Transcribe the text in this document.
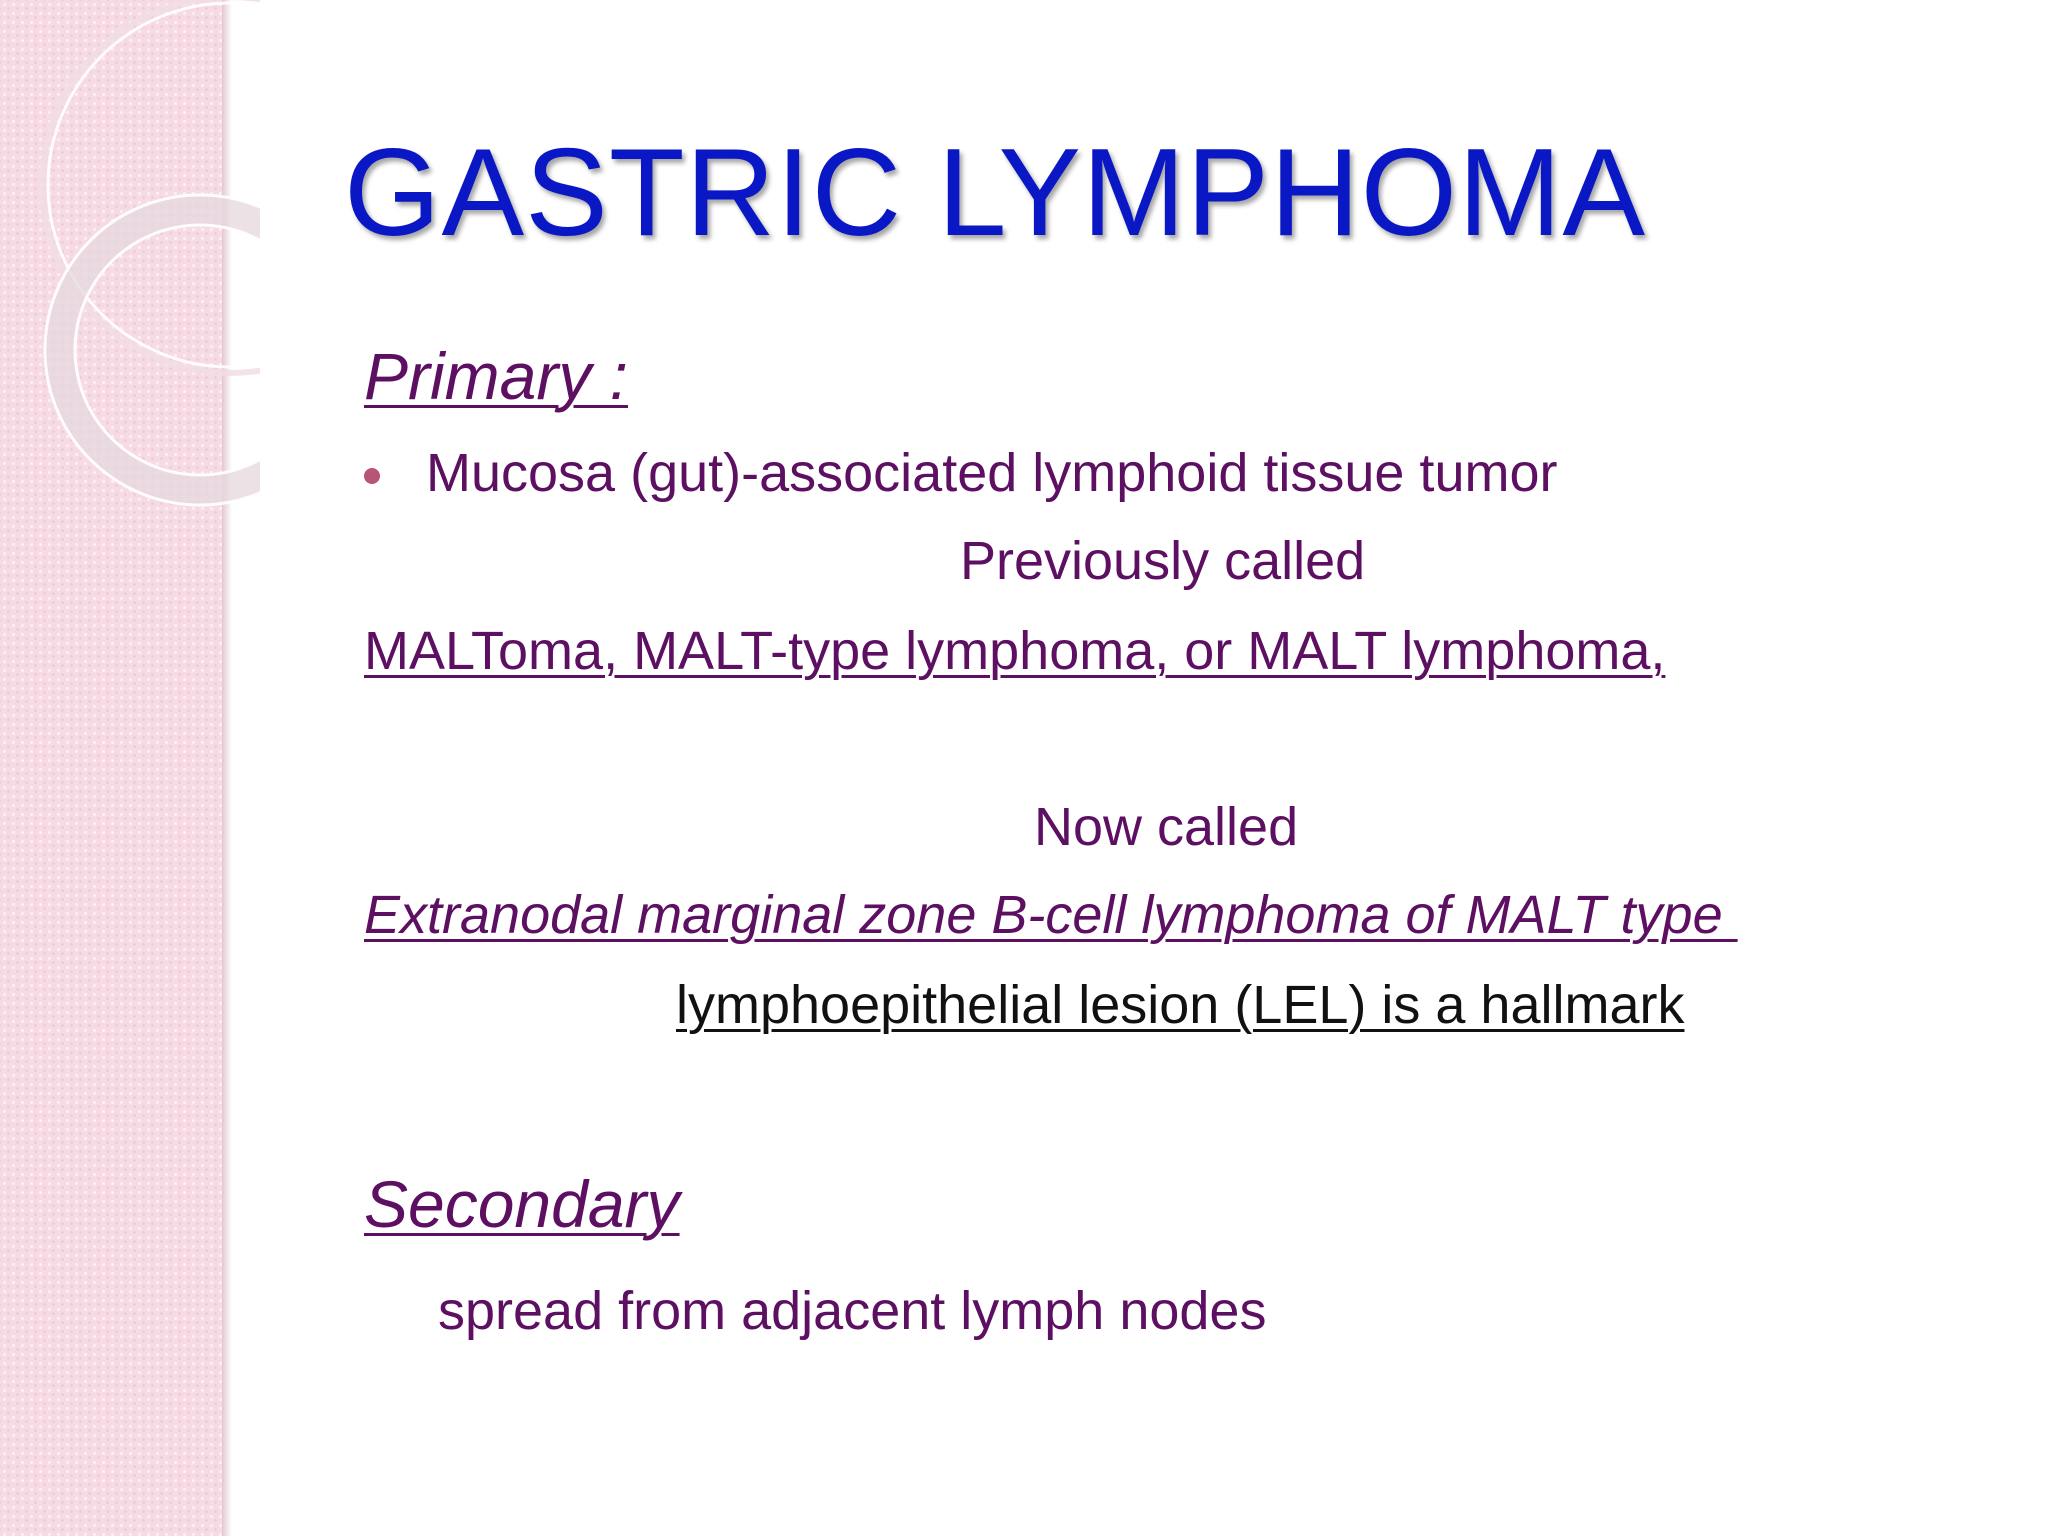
GASTRIC LYMPHOMA

Primary :

Mucosa (gut)-associated lymphoid tissue tumor

Previously called

MALToma, MALT-type lymphoma, or MALT lymphoma,

Now called

Extranodal marginal zone B-cell lymphoma of MALT type

lymphoepithelial lesion (LEL) is a hallmark

Secondary

spread from adjacent lymph nodes
